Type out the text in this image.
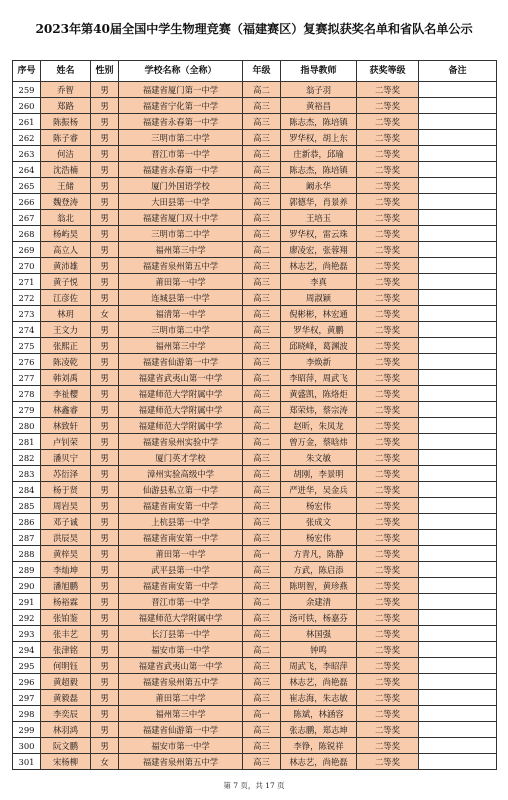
2023年第40届全国中学生物理竞赛（福建赛区）复赛拟获奖名单和省队名单公示
序号	姓名	性别	学校名称（全称）	年级	指导教师	获奖等级	备注
259	乔智	男	福建省厦门第一中学	高二	翁子羽	二等奖	
260	郑路	男	福建省宁化第一中学	高三	黄裕昌	二等奖	
261	陈振杨	男	福建省永春第一中学	高三	陈志杰，陈培镇	二等奖	
262	陈子睿	男	三明市第二中学	高三	罗华权，胡上东	二等奖	
263	何洁	男	晋江市第一中学	高三	庄新恭，邱瑜	二等奖	
264	沈浩楠	男	福建省永春第一中学	高三	陈志杰，陈培镇	二等奖	
265	王储	男	厦门外国语学校	高三	阚永华	二等奖	
266	魏登涛	男	大田县第一中学	高三	郭德华，肖景养	二等奖	
267	翁北	男	福建省厦门双十中学	高三	王培玉	二等奖	
268	杨屿昊	男	三明市第二中学	高三	罗华权，雷云珠	二等奖	
269	高立人	男	福州第三中学	高二	廖凌宏，张蓉翔	二等奖	
270	黄沛雄	男	福建省泉州第五中学	高三	林志艺，尚艳磊	二等奖	
271	黄子悦	男	莆田第一中学	高三	李真	二等奖	
272	江彦佐	男	连城县第一中学	高三	周淑颖	二等奖	
273	林玥	女	福清第一中学	高三	倪彬彬，林宏通	二等奖	
274	王文力	男	三明市第二中学	高三	罗华权，黄鹏	二等奖	
275	张熙正	男	福州第三中学	高三	邱晓峰，葛渊波	二等奖	
276	陈凌乾	男	福建省仙游第一中学	高三	李焕新	二等奖	
277	韩刘禹	男	福建省武夷山第一中学	高二	李昭萍，周武飞	二等奖	
278	李祉樱	男	福建师范大学附属中学	高三	黄盛凯，陈烙炬	二等奖	
279	林鑫睿	男	福建师范大学附属中学	高三	郑荣炜，蔡宗涛	二等奖	
280	林致轩	男	福建师范大学附属中学	高二	赵昕，朱凤龙	二等奖	
281	卢钊荣	男	福建省泉州实验中学	高二	曾万金，蔡晗炜	二等奖	
282	潘贝宁	男	厦门英才学校	高三	朱文敏	二等奖	
283	苏衍泽	男	漳州实验高级中学	高三	胡刚，李景明	二等奖	
284	杨于贤	男	仙游县私立第一中学	高三	严进华，吴金兵	二等奖	
285	周岩昊	男	福建省南安第一中学	高三	杨宏伟	二等奖	
286	邓子诚	男	上杭县第一中学	高三	张成文	二等奖	
287	洪辰昊	男	福建省南安第一中学	高三	杨宏伟	二等奖	
288	黄梓昊	男	莆田第一中学	高一	方青凡，陈静	二等奖	
289	李灿坤	男	武平县第一中学	高三	方武，陈启添	二等奖	
290	潘旭鹏	男	福建省南安第一中学	高三	陈明智，黄珍燕	二等奖	
291	杨裕霖	男	晋江市第一中学	高二	余建清	二等奖	
292	张铂鉴	男	福建师范大学附属中学	高三	汤可铁，杨嘉芬	二等奖	
293	张丰艺	男	长汀县第一中学	高三	林国强	二等奖	
294	张津铭	男	福安市第一中学	高二	钟鸣	二等奖	
295	何明钰	男	福建省武夷山第一中学	高三	周武飞，李昭萍	二等奖	
296	黄超毅	男	福建省泉州第五中学	高三	林志艺，尚艳磊	二等奖	
297	黄毅磊	男	莆田第二中学	高三	崔志海，朱志敏	二等奖	
298	李奕辰	男	福州第三中学	高一	陈斌，林涵容	二等奖	
299	林羽鸿	男	福建省仙游第一中学	高三	张志鹏，郑志坤	二等奖	
300	阮文鹏	男	福安市第一中学	高三	李铮，陈锐祥	二等奖	
301	宋杨柳	女	福建省泉州第五中学	高三	林志艺，尚艳磊	二等奖	
第 7 页，共 17 页
